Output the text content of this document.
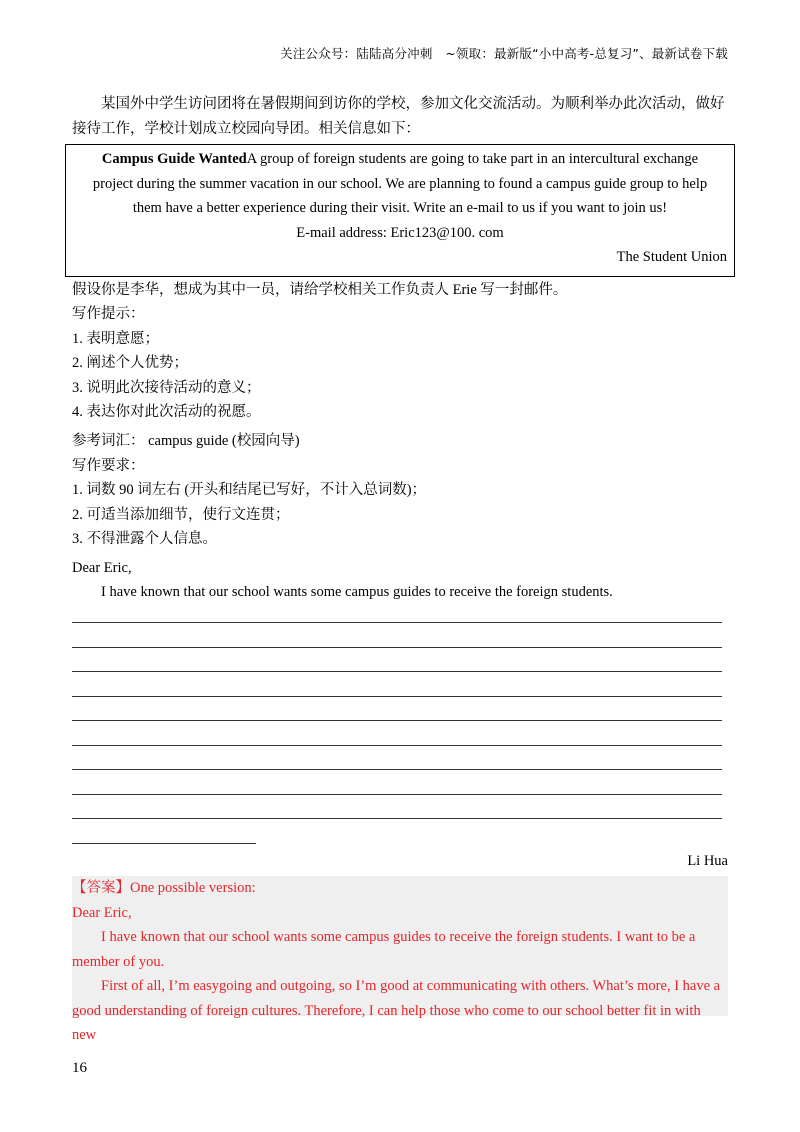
关注公众号：陆陆高分冲刺　~领取：最新版“小中高考-总复习”、最新试卷下载
某国外中学生访问团将在暑假期间到访你的学校，参加文化交流活动。为顺利举办此次活动，做好接待工作，学校计划成立校园向导团。相关信息如下：
Campus Guide WantedA group of foreign students are going to take part in an intercultural exchange project during the summer vacation in our school. We are planning to found a campus guide group to help them have a better experience during their visit. Write an e-mail to us if you want to join us!
E-mail address: Eric123@100. com
The Student Union
假设你是李华，想成为其中一员，请给学校相关工作负责人 Erie 写一封邮件。
写作提示：
1. 表明意愿；
2. 阐述个人优势；
3. 说明此次接待活动的意义；
4. 表达你对此次活动的祝愿。
参考词汇： campus guide (校园向导)
写作要求：
1. 词数 90 词左右 (开头和结尾已写好，不计入总词数)；
2. 可适当添加细节，使行文连贯；
3. 不得泄露个人信息。
Dear Eric,
I have known that our school wants some campus guides to receive the foreign students.
Li Hua

【答案】One possible version:

Dear Eric,

I have known that our school wants some campus guides to receive the foreign students. I want to be a member of you.

First of all, I’m easygoing and outgoing, so I’m good at communicating with others. What’s more, I have a good understanding of foreign cultures. Therefore, I can help those who come to our school better fit in with new

16
